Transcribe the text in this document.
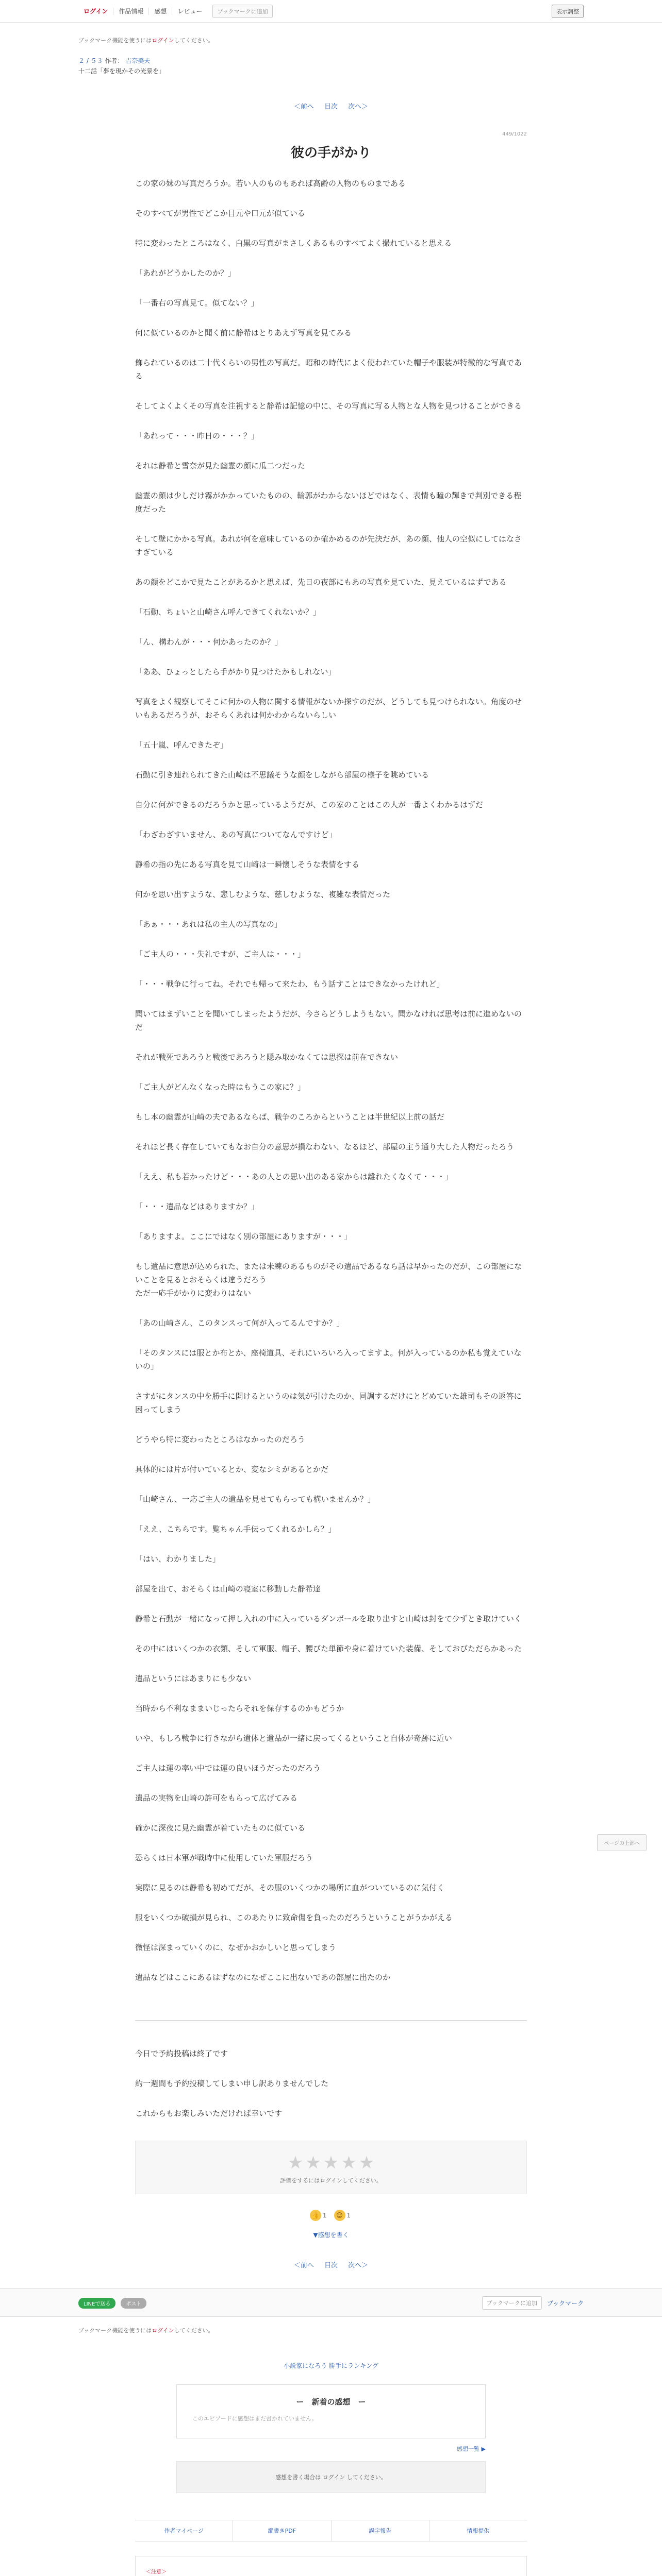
ログイン	作品情報	感想	レビュー	ブックマークに追加	表示調整
ブックマーク機能を使うにはログインしてください。
２ / ５３ 作者： 吉奈美夫
十二話「夢を現かその光景を」
＜前へ 目次 次へ＞
449/1022
彼の手がかり

この家の妹の写真だろうか。若い人のものもあれば高齢の人物のものまである

そのすべてが男性でどこか目元や口元が似ている

特に変わったところはなく、白黒の写真がまさしくあるものすべてよく撮れていると思える

「あれがどうかしたのか？」

「一番右の写真見て。似てない？」

何に似ているのかと聞く前に静希はとりあえず写真を見てみる

飾られているのは二十代くらいの男性の写真だ。昭和の時代によく使われていた帽子や服装が特徴的な写真である

そしてよくよくその写真を注視すると静希は記憶の中に、その写真に写る人物とな人物を見つけることができる

「あれって・・・昨日の・・・？」

それは静希と雪奈が見た幽霊の顔に瓜二つだった

幽霊の顔は少しだけ霧がかかっていたものの、輪郭がわからないほどではなく、表情も瞳の輝きで判別できる程度だった

そして壁にかかる写真。あれが何を意味しているのか確かめるのが先決だが、あの顔、他人の空似にしてはなさすぎている

あの顔をどこかで見たことがあるかと思えば、先日の夜部にもあの写真を見ていた、見えているはずである

「石動、ちょいと山崎さん呼んできてくれないか？」

「ん、構わんが・・・何かあったのか？」

「ああ、ひょっとしたら手がかり見つけたかもしれない」

写真をよく観察してそこに何かの人物に関する情報がないか探すのだが、どうしても見つけられない。角度のせいもあるだろうが、おそらくあれは何かわからないらしい

「五十嵐、呼んできたぞ」

石動に引き連れられてきた山崎は不思議そうな顔をしながら部屋の様子を眺めている

自分に何ができるのだろうかと思っているようだが、この家のことはこの人が一番よくわかるはずだ

「わざわざすいません、あの写真についてなんですけど」

静希の指の先にある写真を見て山崎は一瞬懐しそうな表情をする

何かを思い出すような、悲しむような、慈しむような、複雑な表情だった

「あぁ・・・あれは私の主人の写真なの」

「ご主人の・・・失礼ですが、ご主人は・・・」

「・・・戦争に行ってね。それでも帰って来たわ、もう話すことはできなかったけれど」

聞いてはまずいことを聞いてしまったようだが、今さらどうしようもない。聞かなければ思考は前に進めないのだ

それが戦死であろうと戦後であろうと隠み取かなくては思探は前在できない

「ご主人がどんなくなった時はもうこの家に？」

もし本の幽霊が山崎の夫であるならば、戦争のころからということは半世紀以上前の話だ

それほど長く存在していてもなお自分の意思が損なわない、なるほど、部屋の主う通り大した人物だったろう

「ええ、私も若かったけど・・・あの人との思い出のある家からは離れたくなくて・・・」

「・・・遺品などはありますか？」

「ありますよ。ここにではなく別の部屋にありますが・・・」

もし遺品に意思が込められた、または未練のあるものがその遺品であるなら話は早かったのだが、この部屋にないことを見るとおそらくは違うだろう
ただ一応手がかりに変わりはない

「あの山崎さん、このタンスって何が入ってるんですか？」

「そのタンスには服とか布とか、座椅道具、それにいろいろ入ってますよ。何が入っているのか私も覚えていないの」

さすがにタンスの中を勝手に開けるというのは気が引けたのか、同調するだけにとどめていた雄司もその返答に困ってしまう

どうやら特に変わったところはなかったのだろう

具体的には片が付いているとか、変なシミがあるとかだ

「山崎さん、一応ご主人の遺品を見せてもらっても構いませんか？」

「ええ、こちらです。覧ちゃん手伝ってくれるかしら？」

「はい、わかりました」

部屋を出て、おそらくは山崎の寝室に移動した静希達

静希と石動が一緒になって押し入れの中に入っているダンボールを取り出すと山崎は封をて少ずとき取けていく

その中にはいくつかの衣類、そして軍服、帽子、腰びた単節や身に着けていた装備、そしておびただらかあった

遺品というにはあまりにも少ない

当時から不利なままいじったらそれを保存するのかもどうか

いや、もしろ戦争に行きながら遺体と遺品が一緒に戻ってくるということ自体が奇跡に近い

ご主人は運の率い中では運の良いほうだったのだろう

遺品の実物を山崎の許可をもらって広げてみる

確かに深夜に見た幽霊が着ていたものに似ている

恐らくは日本軍が戦時中に使用していた軍服だろう

実際に見るのは静希も初めてだが、その服のいくつかの場所に血がついているのに気付く

服をいくつか破損が見られ、このあたりに致命傷を負ったのだろうということがうかがえる

微怪は深まっていくのに、なぜかおかしいと思ってしまう

遺品などはここにあるはずなのになぜここに出ないであの部屋に出たのか

今日で予約投稿は終了です

約一週間も予約投稿してしまい申し訳ありませんでした

これからもお楽しみいただければ幸いです

★ ★ ★ ★ ★
評価をするにはログインしてください。
👍 1 😊 1
▼感想を書く
＜前へ 目次 次へ＞
LINEで送る	ポスト	ブックマークに追加	ブックマーク
ブックマーク機能を使うにはログインしてください。
小説家になろう 勝手にランキング
ー　新着の感想　ー
このエピソードに感想はまだ書かれていません。
感想一覧 ▶
感想を書く場合は ログイン してください。
作者マイページ	縦書きPDF	誤字報告	情報提供
＜注意＞
ページの上部へ
